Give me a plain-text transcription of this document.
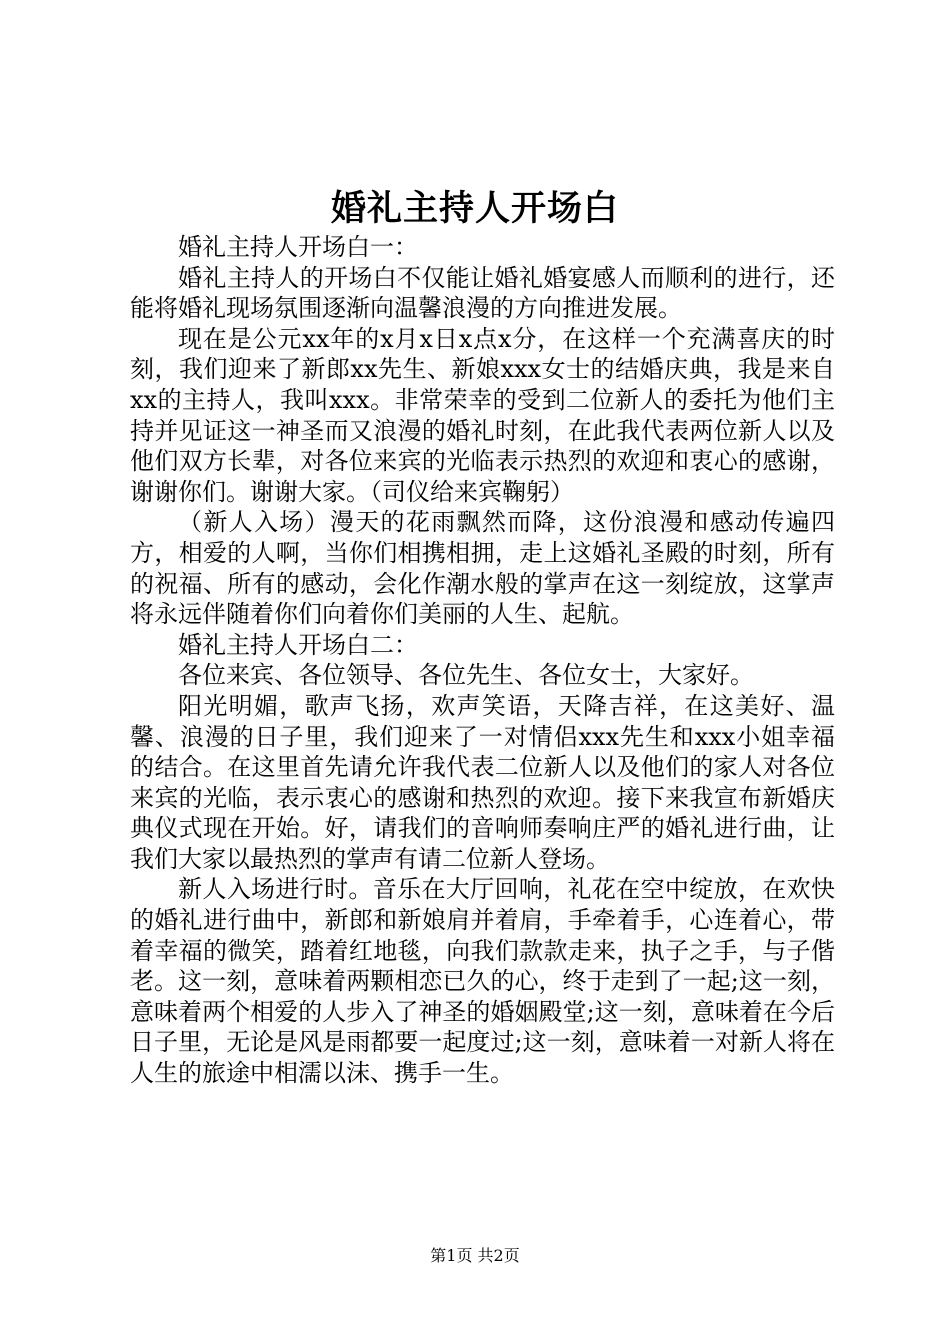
婚礼主持人开场白

婚礼主持人开场白一：

婚礼主持人的开场白不仅能让婚礼婚宴感人而顺利的进行，还能将婚礼现场氛围逐渐向温馨浪漫的方向推进发展。

现在是公元xx年的x月x日x点x分，在这样一个充满喜庆的时刻，我们迎来了新郎xx先生、新娘xxx女士的结婚庆典，我是来自xx的主持人，我叫xxx。非常荣幸的受到二位新人的委托为他们主持并见证这一神圣而又浪漫的婚礼时刻，在此我代表两位新人以及他们双方长辈，对各位来宾的光临表示热烈的欢迎和衷心的感谢，谢谢你们。谢谢大家。（司仪给来宾鞠躬）

（新人入场）漫天的花雨飘然而降，这份浪漫和感动传遍四方，相爱的人啊，当你们相携相拥，走上这婚礼圣殿的时刻，所有的祝福、所有的感动，会化作潮水般的掌声在这一刻绽放，这掌声将永远伴随着你们向着你们美丽的人生、起航。

婚礼主持人开场白二：

各位来宾、各位领导、各位先生、各位女士，大家好。

阳光明媚，歌声飞扬，欢声笑语，天降吉祥，在这美好、温馨、浪漫的日子里，我们迎来了一对情侣xxx先生和xxx小姐幸福的结合。在这里首先请允许我代表二位新人以及他们的家人对各位来宾的光临，表示衷心的感谢和热烈的欢迎。接下来我宣布新婚庆典仪式现在开始。好，请我们的音响师奏响庄严的婚礼进行曲，让我们大家以最热烈的掌声有请二位新人登场。

新人入场进行时。音乐在大厅回响，礼花在空中绽放，在欢快的婚礼进行曲中，新郎和新娘肩并着肩，手牵着手，心连着心，带着幸福的微笑，踏着红地毯，向我们款款走来，执子之手，与子偕老。这一刻，意味着两颗相恋已久的心，终于走到了一起;这一刻，意味着两个相爱的人步入了神圣的婚姻殿堂;这一刻，意味着在今后日子里，无论是风是雨都要一起度过;这一刻，意味着一对新人将在人生的旅途中相濡以沫、携手一生。

第1页 共2页
